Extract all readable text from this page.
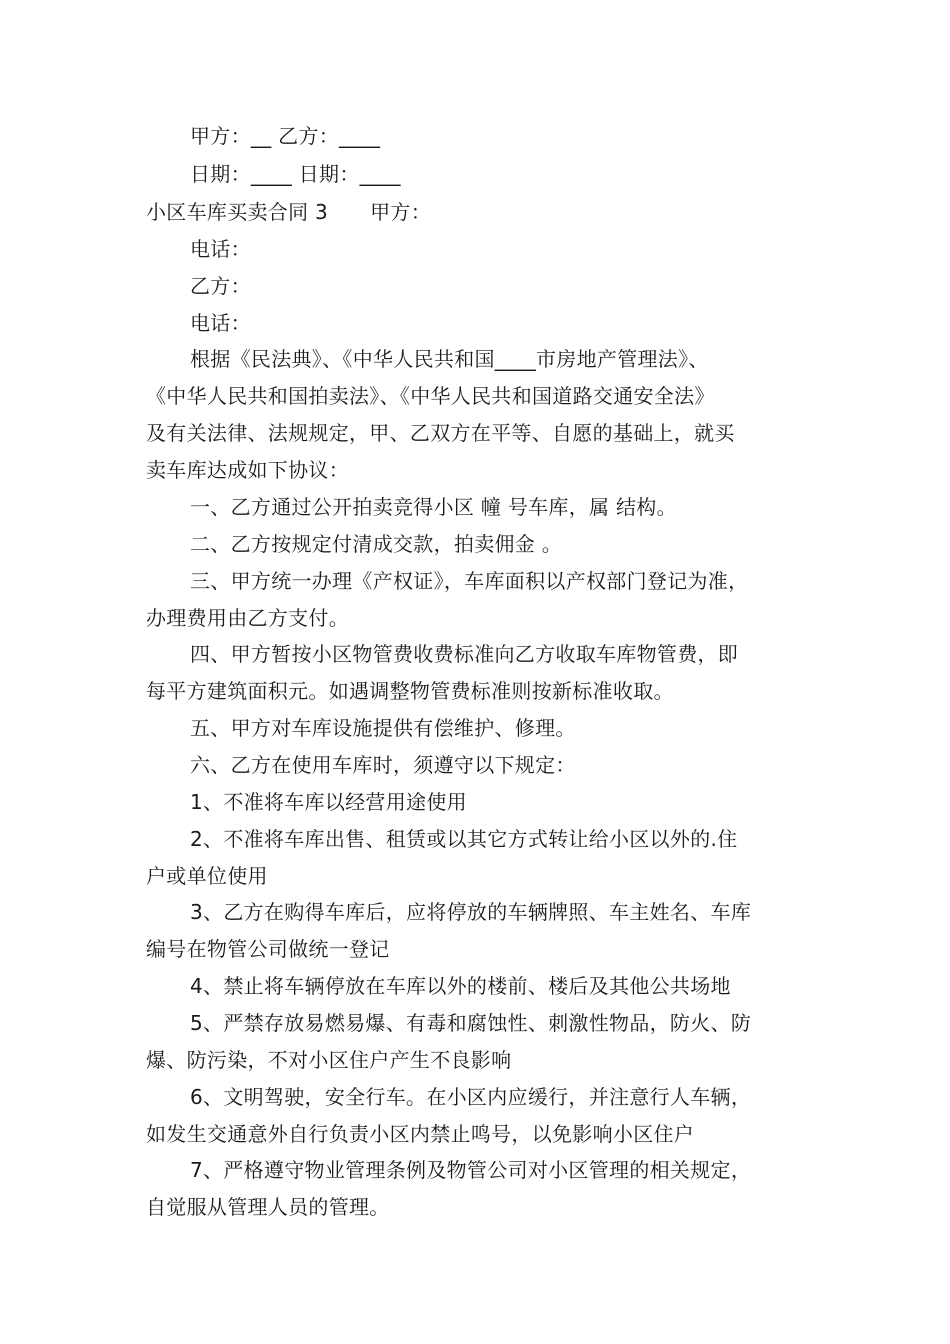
甲方：__ 乙方：____
日期：____ 日期：____
小区车库买卖合同 3 甲方：
电话：
乙方：
电话：
根据《民法典》、《中华人民共和国____市房地产管理法》、
《中华人民共和国拍卖法》、《中华人民共和国道路交通安全法》
及有关法律、法规规定，甲、乙双方在平等、自愿的基础上，就买
卖车库达成如下协议：
一、乙方通过公开拍卖竞得小区 幢 号车库，属 结构。
二、乙方按规定付清成交款，拍卖佣金 。
三、甲方统一办理《产权证》，车库面积以产权部门登记为准，
办理费用由乙方支付。
四、甲方暂按小区物管费收费标准向乙方收取车库物管费，即
每平方建筑面积元。如遇调整物管费标准则按新标准收取。
五、甲方对车库设施提供有偿维护、修理。
六、乙方在使用车库时，须遵守以下规定：
1、不准将车库以经营用途使用
2、不准将车库出售、租赁或以其它方式转让给小区以外的.住
户或单位使用
3、乙方在购得车库后，应将停放的车辆牌照、车主姓名、车库
编号在物管公司做统一登记
4、禁止将车辆停放在车库以外的楼前、楼后及其他公共场地
5、严禁存放易燃易爆、有毒和腐蚀性、刺激性物品，防火、防
爆、防污染，不对小区住户产生不良影响
6、文明驾驶，安全行车。在小区内应缓行，并注意行人车辆，
如发生交通意外自行负责小区内禁止鸣号，以免影响小区住户
7、严格遵守物业管理条例及物管公司对小区管理的相关规定，
自觉服从管理人员的管理。
